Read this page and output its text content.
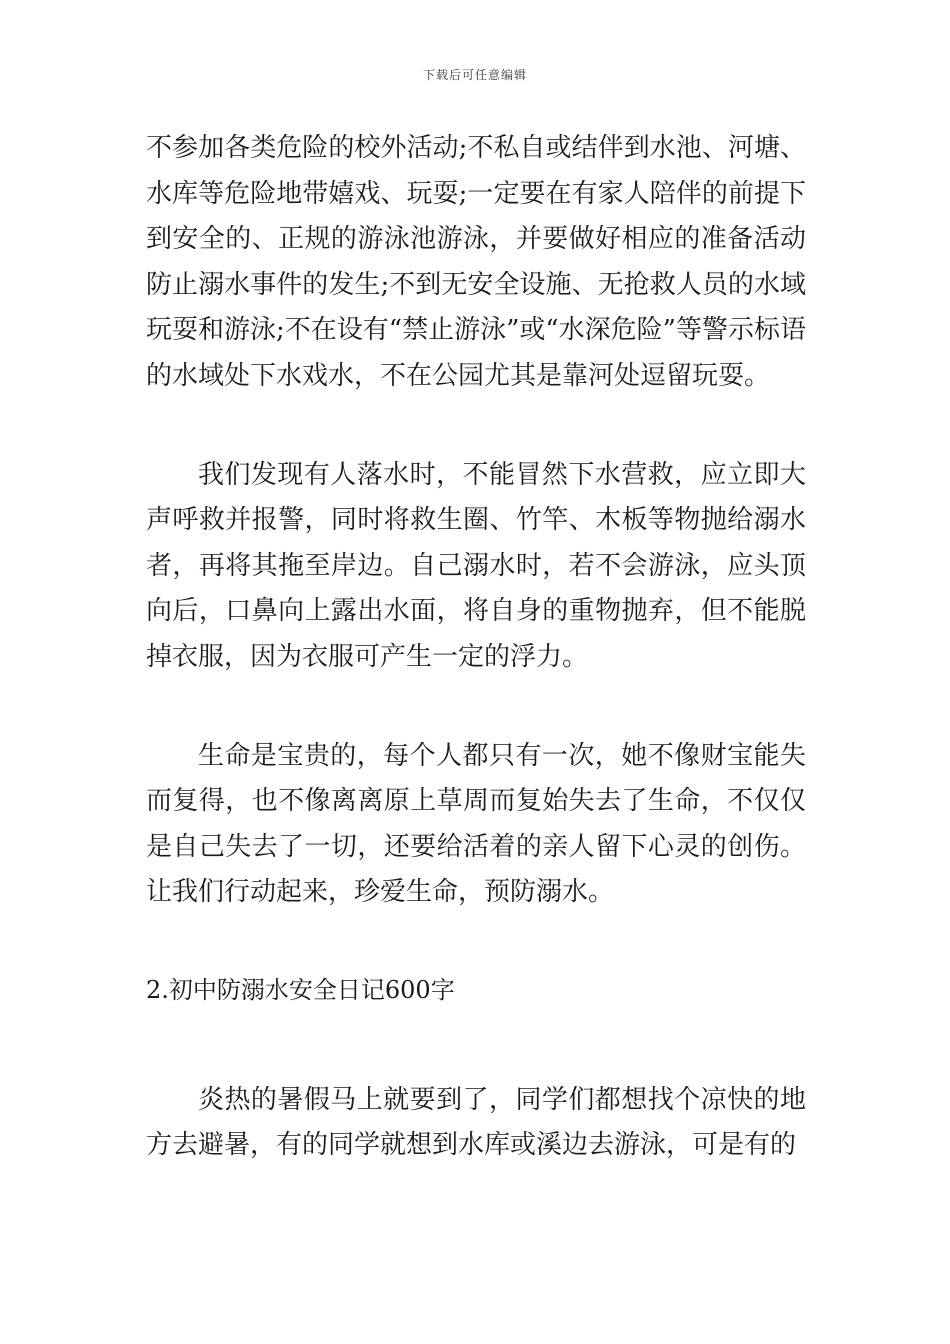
下载后可任意编辑

不参加各类危险的校外活动;不私自或结伴到水池、河塘、水库等危险地带嬉戏、玩耍;一定要在有家人陪伴的前提下到安全的、正规的游泳池游泳，并要做好相应的准备活动防止溺水事件的发生;不到无安全设施、无抢救人员的水域玩耍和游泳;不在设有“禁止游泳”或“水深危险”等警示标语的水域处下水戏水，不在公园尤其是靠河处逗留玩耍。

我们发现有人落水时，不能冒然下水营救，应立即大声呼救并报警，同时将救生圈、竹竿、木板等物抛给溺水者，再将其拖至岸边。自己溺水时，若不会游泳，应头顶向后，口鼻向上露出水面，将自身的重物抛弃，但不能脱掉衣服，因为衣服可产生一定的浮力。

生命是宝贵的，每个人都只有一次，她不像财宝能失而复得，也不像离离原上草周而复始失去了生命，不仅仅是自己失去了一切，还要给活着的亲人留下心灵的创伤。让我们行动起来，珍爱生命，预防溺水。

2.初中防溺水安全日记600字

炎热的暑假马上就要到了，同学们都想找个凉快的地方去避暑，有的同学就想到水库或溪边去游泳，可是有的
